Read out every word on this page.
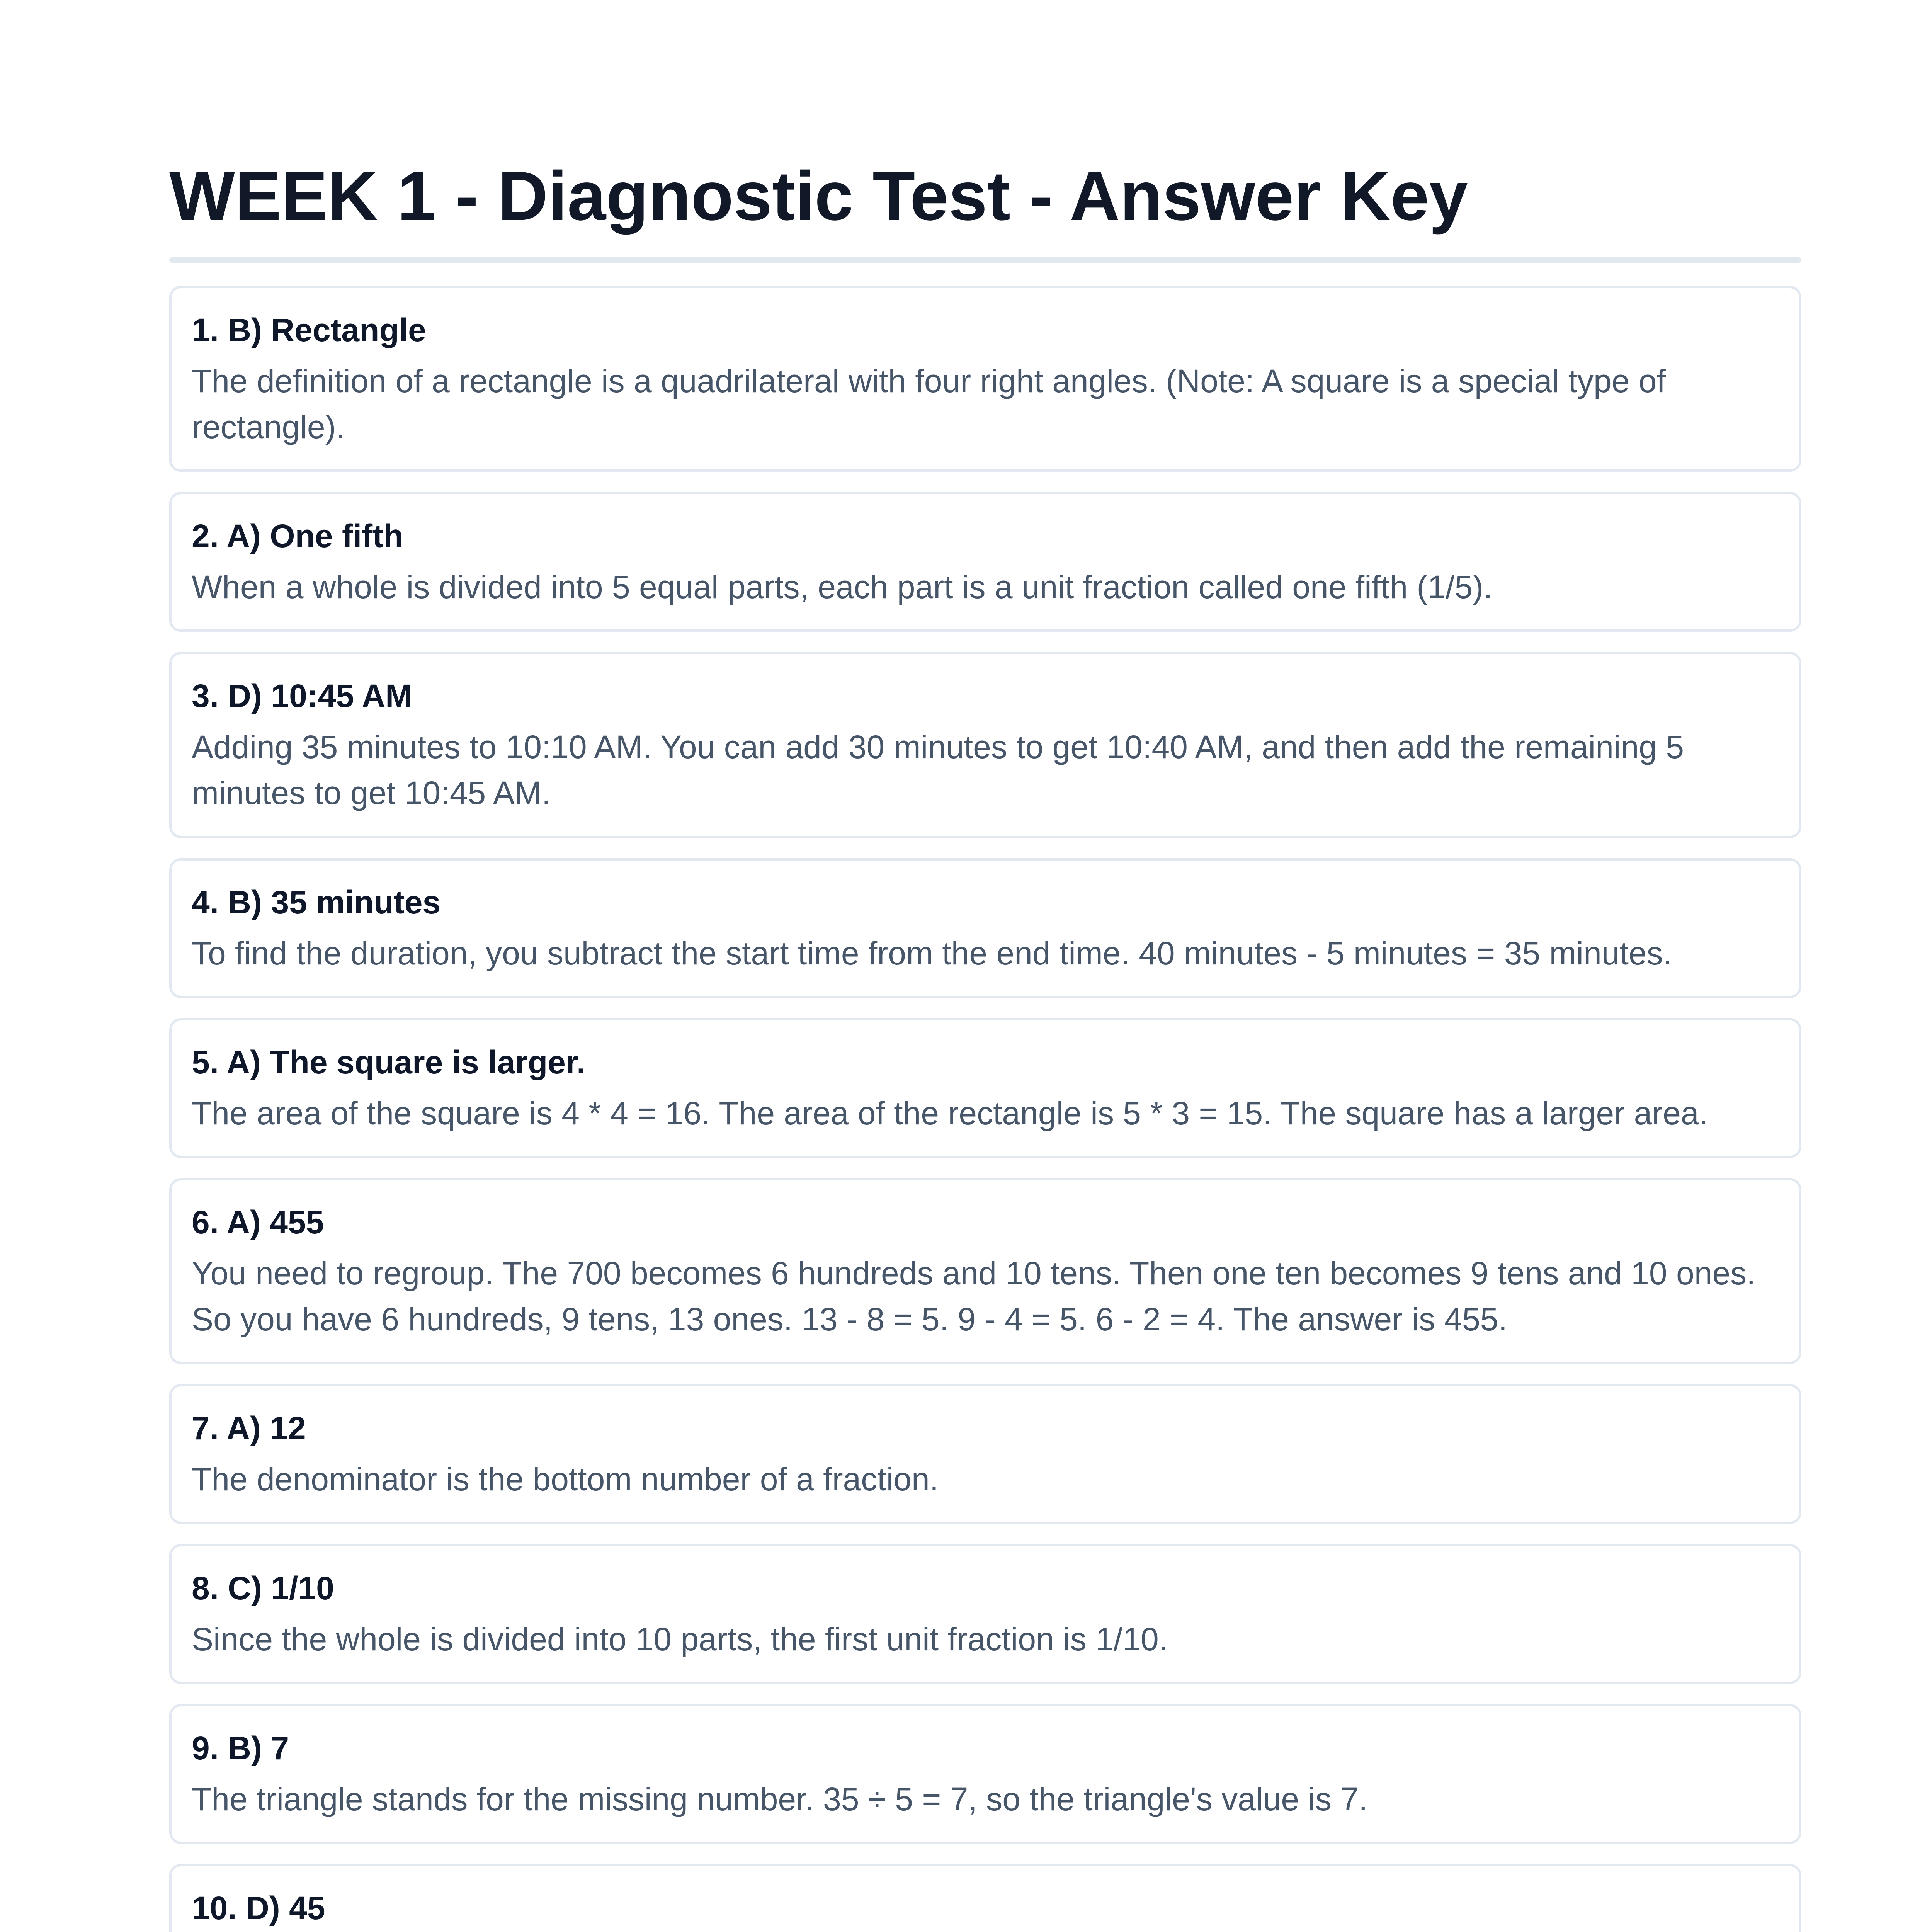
WEEK 1 - Diagnostic Test - Answer Key
1. B) Rectangle
The definition of a rectangle is a quadrilateral with four right angles. (Note: A square is a special type of rectangle).
2. A) One fifth
When a whole is divided into 5 equal parts, each part is a unit fraction called one fifth (1/5).
3. D) 10:45 AM
Adding 35 minutes to 10:10 AM. You can add 30 minutes to get 10:40 AM, and then add the remaining 5 minutes to get 10:45 AM.
4. B) 35 minutes
To find the duration, you subtract the start time from the end time. 40 minutes - 5 minutes = 35 minutes.
5. A) The square is larger.
The area of the square is 4 * 4 = 16. The area of the rectangle is 5 * 3 = 15. The square has a larger area.
6. A) 455
You need to regroup. The 700 becomes 6 hundreds and 10 tens. Then one ten becomes 9 tens and 10 ones. So you have 6 hundreds, 9 tens, 13 ones. 13 - 8 = 5. 9 - 4 = 5. 6 - 2 = 4. The answer is 455.
7. A) 12
The denominator is the bottom number of a fraction.
8. C) 1/10
Since the whole is divided into 10 parts, the first unit fraction is 1/10.
9. B) 7
The triangle stands for the missing number. 35 ÷ 5 = 7, so the triangle's value is 7.
10. D) 45
